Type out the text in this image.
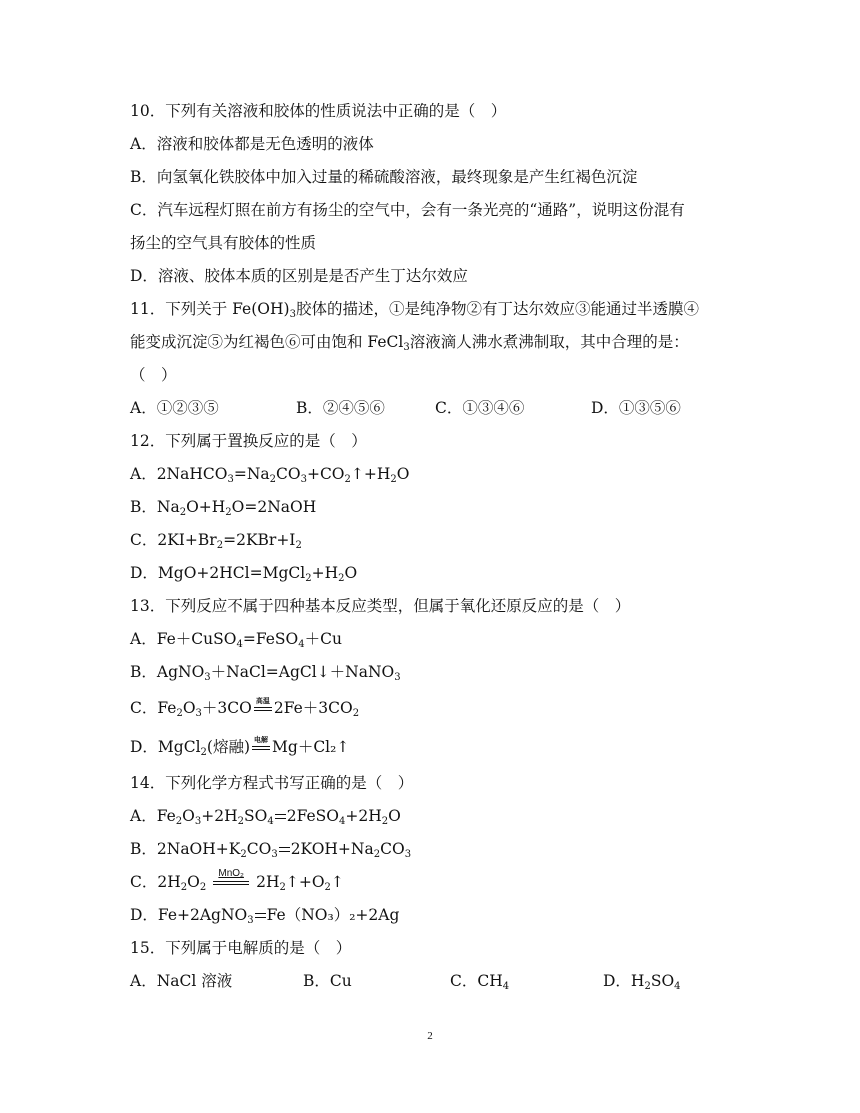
10．下列有关溶液和胶体的性质说法中正确的是（　）
A．溶液和胶体都是无色透明的液体
B．向氢氧化铁胶体中加入过量的稀硫酸溶液，最终现象是产生红褐色沉淀
C．汽车远程灯照在前方有扬尘的空气中，会有一条光亮的“通路”，说明这份混有
扬尘的空气具有胶体的性质
D．溶液、胶体本质的区别是是否产生丁达尔效应
11．下列关于 $Fe(OH)_3$胶体的描述，①是纯净物②有丁达尔效应③能通过半透膜④
能变成沉淀⑤为红褐色⑥可由饱和 FeCl$_3$溶液滴人沸水煮沸制取，其中合理的是：
（　）
A．①②③⑤	B．②④⑤⑥	C．①③④⑥	D．①③⑤⑥
12．下列属于置换反应的是（　）
A．$2NaHCO_3=Na_2CO_3+CO_2↑+H_2O$
B．$Na_2O+H_2O=2NaOH$
C．$2KI+Br_2=2KBr+I_2$
D．$MgO+2HCl=MgCl_2+H_2O$
13．下列反应不属于四种基本反应类型，但属于氧化还原反应的是（　）
A．Fe＋CuSO$_4$=FeSO$_4$＋Cu
B．AgNO$_3$＋NaCl=AgCl↓＋NaNO$_3$
C．$Fe_2O_3+3CO$ 高温 $2Fe+3CO_2$
D．MgCl$_2$(熔融) 电解 Mg＋Cl₂↑
14．下列化学方程式书写正确的是（　）
A．$Fe_2O_3+2H_2SO_4$ $2FeSO_4+2H_2O$
B．$2NaOH+K_2CO_3$ $2KOH+Na_2CO_3$
C．$2H_2O_2$
MnO₂ $2H_2↑+O_2↑$
D．Fe+2AgNO$_3$ Fe（NO₃）₂+2Ag
15．下列属于电解质的是（　）
A．NaCl 溶液	B．Cu	C．$CH_4$	D．$H_2SO_4$
2
